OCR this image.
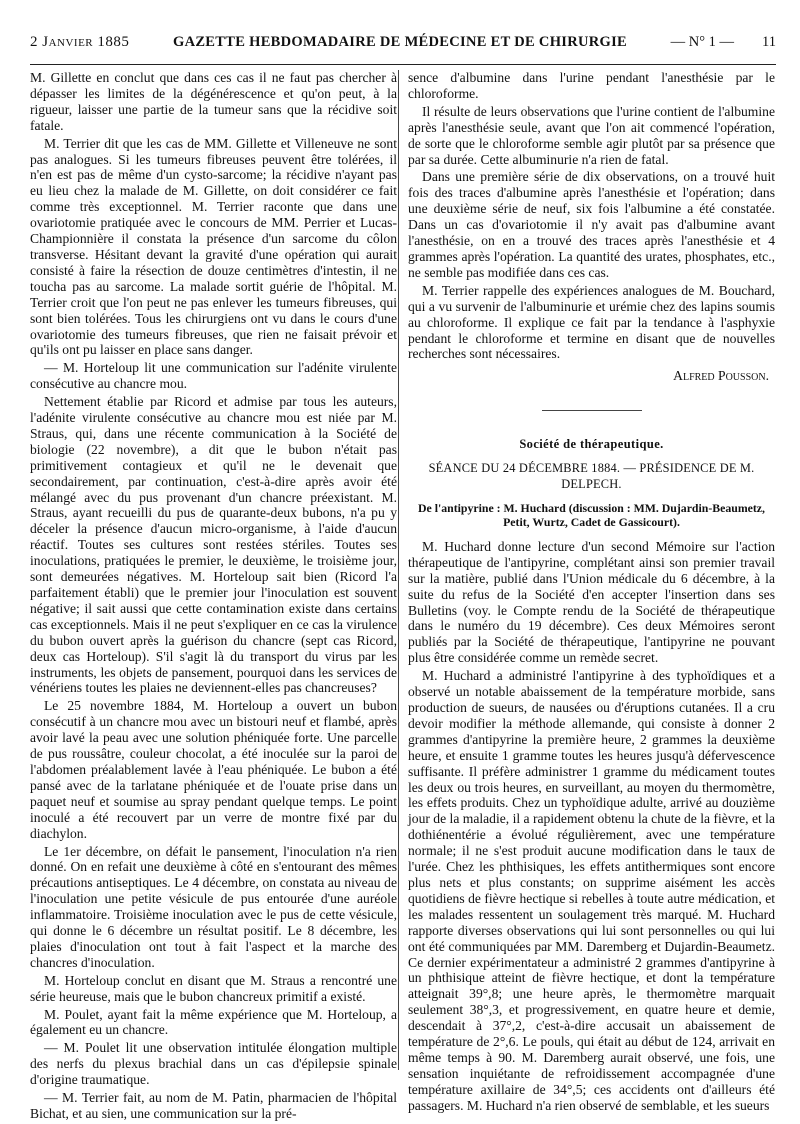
2 Janvier 1885	GAZETTE HEBDOMADAIRE DE MÉDECINE ET DE CHIRURGIE	— N° 1 — 11

M. Gillette en conclut que dans ces cas il ne faut pas chercher à dépasser les limites de la dégénérescence et qu'on peut, à la rigueur, laisser une partie de la tumeur sans que la récidive soit fatale.

M. Terrier dit que les cas de MM. Gillette et Villeneuve ne sont pas analogues. Si les tumeurs fibreuses peuvent être tolérées, il n'en est pas de même d'un cysto-sarcome; la récidive n'ayant pas eu lieu chez la malade de M. Gillette, on doit considérer ce fait comme très exceptionnel. M. Terrier raconte que dans une ovariotomie pratiquée avec le concours de MM. Perrier et Lucas-Championnière il constata la présence d'un sarcome du côlon transverse. Hésitant devant la gravité d'une opération qui aurait consisté à faire la résection de douze centimètres d'intestin, il ne toucha pas au sarcome. La malade sortit guérie de l'hôpital. M. Terrier croit que l'on peut ne pas enlever les tumeurs fibreuses, qui sont bien tolérées. Tous les chirurgiens ont vu dans le cours d'une ovariotomie des tumeurs fibreuses, que rien ne faisait prévoir et qu'ils ont pu laisser en place sans danger.

— M. Horteloup lit une communication sur l'adénite virulente consécutive au chancre mou.

Nettement établie par Ricord et admise par tous les auteurs, l'adénite virulente consécutive au chancre mou est niée par M. Straus, qui, dans une récente communication à la Société de biologie (22 novembre), a dit que le bubon n'était pas primitivement contagieux et qu'il ne le devenait que secondairement, par continuation, c'est-à-dire après avoir été mélangé avec du pus provenant d'un chancre préexistant. M. Straus, ayant recueilli du pus de quarante-deux bubons, n'a pu y déceler la présence d'aucun micro-organisme, à l'aide d'aucun réactif. Toutes ses cultures sont restées stériles. Toutes ses inoculations, pratiquées le premier, le deuxième, le troisième jour, sont demeurées négatives. M. Horteloup sait bien (Ricord l'a parfaitement établi) que le premier jour l'inoculation est souvent négative; il sait aussi que cette contamination existe dans certains cas exceptionnels. Mais il ne peut s'expliquer en ce cas la virulence du bubon ouvert après la guérison du chancre (sept cas Ricord, deux cas Horteloup). S'il s'agit là du transport du virus par les instruments, les objets de pansement, pourquoi dans les services de vénériens toutes les plaies ne deviennent-elles pas chancreuses?

Le 25 novembre 1884, M. Horteloup a ouvert un bubon consécutif à un chancre mou avec un bistouri neuf et flambé, après avoir lavé la peau avec une solution phéniquée forte. Une parcelle de pus roussâtre, couleur chocolat, a été inoculée sur la paroi de l'abdomen préalablement lavée à l'eau phéniquée. Le bubon a été pansé avec de la tarlatane phéniquée et de l'ouate prise dans un paquet neuf et soumise au spray pendant quelque temps. Le point inoculé a été recouvert par un verre de montre fixé par du diachylon.

Le 1er décembre, on défait le pansement, l'inoculation n'a rien donné. On en refait une deuxième à côté en s'entourant des mêmes précautions antiseptiques. Le 4 décembre, on constata au niveau de l'inoculation une petite vésicule de pus entourée d'une auréole inflammatoire. Troisième inoculation avec le pus de cette vésicule, qui donne le 6 décembre un résultat positif. Le 8 décembre, les plaies d'inoculation ont tout à fait l'aspect et la marche des chancres d'inoculation.

M. Horteloup conclut en disant que M. Straus a rencontré une série heureuse, mais que le bubon chancreux primitif a existé.

M. Poulet, ayant fait la même expérience que M. Horteloup, a également eu un chancre.

— M. Poulet lit une observation intitulée élongation multiple des nerfs du plexus brachial dans un cas d'épilepsie spinale d'origine traumatique.

— M. Terrier fait, au nom de M. Patin, pharmacien de l'hôpital Bichat, et au sien, une communication sur la pré-

sence d'albumine dans l'urine pendant l'anesthésie par le chloroforme.

Il résulte de leurs observations que l'urine contient de l'albumine après l'anesthésie seule, avant que l'on ait commencé l'opération, de sorte que le chloroforme semble agir plutôt par sa présence que par sa durée. Cette albuminurie n'a rien de fatal.

Dans une première série de dix observations, on a trouvé huit fois des traces d'albumine après l'anesthésie et l'opération; dans une deuxième série de neuf, six fois l'albumine a été constatée. Dans un cas d'ovariotomie il n'y avait pas d'albumine avant l'anesthésie, on en a trouvé des traces après l'anesthésie et 4 grammes après l'opération. La quantité des urates, phosphates, etc., ne semble pas modifiée dans ces cas.

M. Terrier rappelle des expériences analogues de M. Bouchard, qui a vu survenir de l'albuminurie et urémie chez des lapins soumis au chloroforme. Il explique ce fait par la tendance à l'asphyxie pendant le chloroforme et termine en disant que de nouvelles recherches sont nécessaires.

Alfred Pousson.
Société de thérapeutique.
SÉANCE DU 24 DÉCEMBRE 1884. — PRÉSIDENCE DE M. DELPECH.
De l'antipyrine : M. Huchard (discussion : MM. Dujardin-Beaumetz, Petit, Wurtz, Cadet de Gassicourt).

M. Huchard donne lecture d'un second Mémoire sur l'action thérapeutique de l'antipyrine, complétant ainsi son premier travail sur la matière, publié dans l'Union médicale du 6 décembre, à la suite du refus de la Société d'en accepter l'insertion dans ses Bulletins (voy. le Compte rendu de la Société de thérapeutique dans le numéro du 19 décembre). Ces deux Mémoires seront publiés par la Société de thérapeutique, l'antipyrine ne pouvant plus être considérée comme un remède secret.

M. Huchard a administré l'antipyrine à des typhoïdiques et a observé un notable abaissement de la température morbide, sans production de sueurs, de nausées ou d'éruptions cutanées. Il a cru devoir modifier la méthode allemande, qui consiste à donner 2 grammes d'antipyrine la première heure, 2 grammes la deuxième heure, et ensuite 1 gramme toutes les heures jusqu'à défervescence suffisante. Il préfère administrer 1 gramme du médicament toutes les deux ou trois heures, en surveillant, au moyen du thermomètre, les effets produits. Chez un typhoïdique adulte, arrivé au douzième jour de la maladie, il a rapidement obtenu la chute de la fièvre, et la dothiénentérie a évolué régulièrement, avec une température normale; il ne s'est produit aucune modification dans le taux de l'urée. Chez les phthisiques, les effets antithermiques sont encore plus nets et plus constants; on supprime aisément les accès quotidiens de fièvre hectique si rebelles à toute autre médication, et les malades ressentent un soulagement très marqué. M. Huchard rapporte diverses observations qui lui sont personnelles ou qui lui ont été communiquées par MM. Daremberg et Dujardin-Beaumetz. Ce dernier expérimentateur a administré 2 grammes d'antipyrine à un phthisique atteint de fièvre hectique, et dont la température atteignait 39°,8; une heure après, le thermomètre marquait seulement 38°,3, et progressivement, en quatre heure et demie, descendait à 37°,2, c'est-à-dire accusait un abaissement de température de 2°,6. Le pouls, qui était au début de 124, arrivait en même temps à 90. M. Daremberg aurait observé, une fois, une sensation inquiétante de refroidissement accompagnée d'une température axillaire de 34°,5; ces accidents ont d'ailleurs été passagers. M. Huchard n'a rien observé de semblable, et les sueurs
